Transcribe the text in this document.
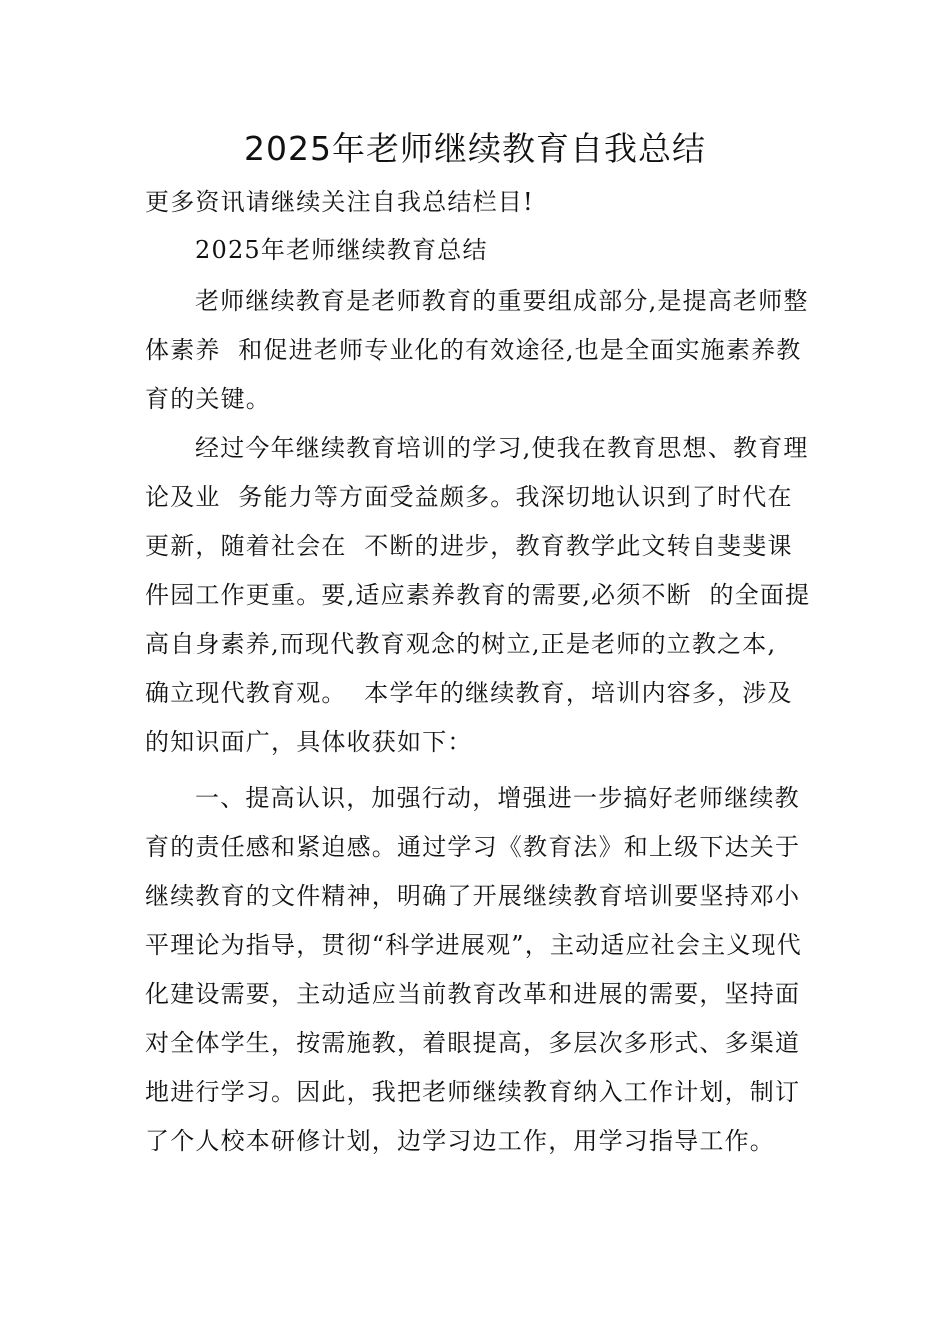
2025年老师继续教育自我总结

更多资讯请继续关注自我总结栏目!

2025年老师继续教育总结

老师继续教育是老师教育的重要组成部分,是提高老师整体素养  和促进老师专业化的有效途径,也是全面实施素养教育的关键。

经过今年继续教育培训的学习,使我在教育思想、教育理论及业  务能力等方面受益颇多。我深切地认识到了时代在更新，随着社会在  不断的进步，教育教学此文转自斐斐课件园工作更重。要,适应素养教育的需要,必须不断  的全面提高自身素养,而现代教育观念的树立,正是老师的立教之本,  确立现代教育观。  本学年的继续教育，培训内容多，涉及的知识面广，具体收获如下：

一、提高认识，加强行动，增强进一步搞好老师继续教育的责任感和紧迫感。通过学习《教育法》和上级下达关于继续教育的文件精神，明确了开展继续教育培训要坚持邓小平理论为指导，贯彻“科学进展观”，主动适应社会主义现代化建设需要，主动适应当前教育改革和进展的需要，坚持面对全体学生，按需施教，着眼提高，多层次多形式、多渠道地进行学习。因此，我把老师继续教育纳入工作计划，制订了个人校本研修计划，边学习边工作，用学习指导工作。
